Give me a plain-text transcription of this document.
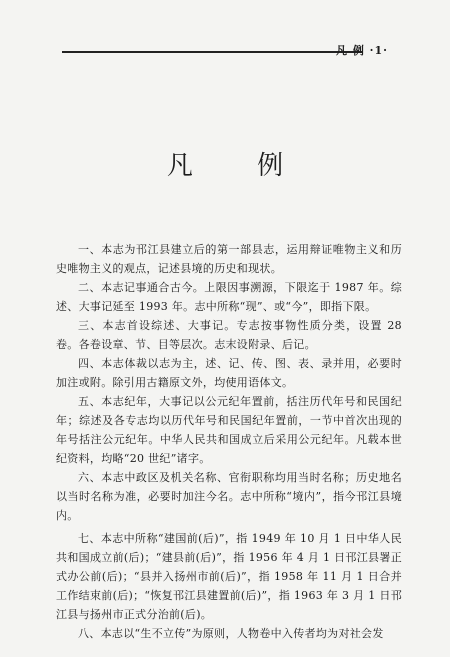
凡 例 ·1·
凡 例

一、本志为邗江县建立后的第一部县志，运用辩证唯物主义和历史唯物主义的观点，记述县境的历史和现状。

二、本志记事通合古今。上限因事溯源，下限迄于 1987 年。综述、大事记延至 1993 年。志中所称“现”、或“今”，即指下限。

三、本志首设综述、大事记。专志按事物性质分类，设置 28 卷。各卷设章、节、目等层次。志末设附录、后记。

四、本志体裁以志为主，述、记、传、图、表、录并用，必要时加注或附。除引用古籍原文外，均使用语体文。

五、本志纪年，大事记以公元纪年置前，括注历代年号和民国纪年；综述及各专志均以历代年号和民国纪年置前，一节中首次出现的年号括注公元纪年。中华人民共和国成立后采用公元纪年。凡载本世纪资料，均略“20 世纪”诸字。

六、本志中政区及机关名称、官衔职称均用当时名称；历史地名以当时名称为准，必要时加注今名。志中所称“境内”，指今邗江县境内。

七、本志中所称“建国前(后)”，指 1949 年 10 月 1 日中华人民共和国成立前(后)；“建县前(后)”，指 1956 年 4 月 1 日邗江县署正式办公前(后)；“县并入扬州市前(后)”，指 1958 年 11 月 1 日合并工作结束前(后)；“恢复邗江县建置前(后)”，指 1963 年 3 月 1 日邗江县与扬州市正式分治前(后)。

八、本志以“生不立传”为原则，人物卷中入传者均为对社会发
